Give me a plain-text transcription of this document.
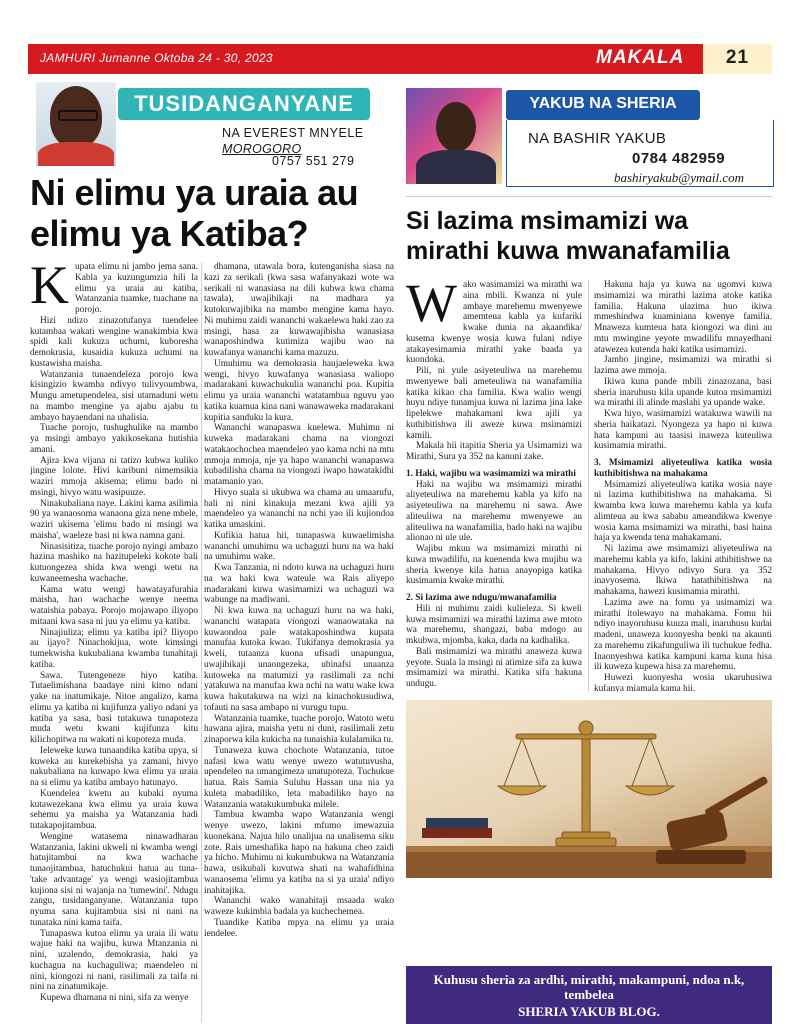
JAMHURI Jumanne Oktoba 24 - 30, 2023	MAKALA	21
TUSIDANGANYANE
NA EVEREST MNYELE
MOROGORO
0757 551 279
Ni elimu ya uraia au elimu ya Katiba?

Kupata elimu ni jambo jema sana. Kabla ya kuzungumzia hili la elimu ya uraia au katiba, Watanzania tuamke, tuachane na porojo.

Hizi ndizo zinazotufanya tuendelee kutambaa wakati wengine wanakimbia kwa spidi kali kukuza uchumi, kuboresha demokrasia, kusaidia kukuza uchumi na kustawisha maisha.

Watanzania tunaendeleza porojo kwa kisingizio kwamba ndivyo tulivyoumbwa, Mungu ametupendelea, sisi utamaduni wetu na mambo mengine ya ajabu ajabu tu ambayo hayaendani na uhalisia.

Tuache porojo, tushughulike na mambo ya msingi ambayo yakikosekana hutishia amani.

Ajira kwa vijana ni tatizo kubwa kuliko jingine lolote. Hivi karibuni nimemsikia waziri mmoja akisema; elimu bado ni msingi, hivyo watu wasipuuze.

Ninakubaliana naye. Lakini kama asilimia 90 ya wanaosoma wanaona giza nene mbele, waziri ukisema 'elimu bado ni msingi wa maisha', waeleze basi ni kwa namna gani.

Ninasisitiza, tuache porojo nyingi ambazo hazina mashiko na hazitupeleki kokote bali kutuongezea shida kwa wengi wetu na kuwaneemesha wachache.

Kama watu wengi hawatayafurahia maisha, hao wachache wenye neema wataishia pabaya. Porojo mojawapo iliyopo mitaani kwa sasa ni juu ya elimu ya katiba.

Ninajiuliza; elimu ya katiba ipi? Iliyopo au ijayo? Ninachokijua, wote kimsingi tumekwisha kukubaliana kwamba tunahitaji katiba.

Sawa. Tutengeneze hiyo katiba. Tutaelimishana baadaye nini kimo ndani yake na inatumikaje. Nitoe angalizo, kama elimu ya katiba ni kujifunza yaliyo ndani ya katiba ya sasa, basi tutakuwa tunapoteza muda wetu kwani kujifunza kitu kilichopitwa na wakati ni kupoteza muda.

Ieleweke kuwa tunaandika katiba upya, si kuweka au kurekebisha ya zamani, hivyo nakubaliana na kuwapo kwa elimu ya uraia na si elimu ya katiba ambayo hatunayo.

Kuendelea kwetu au kubaki nyuma kutawezekana kwa elimu ya uraia kuwa sehemu ya maisha ya Watanzania hadi tutakapojitambua.

Wengine watasema ninawadharau Watanzania, lakini ukweli ni kwamba wengi hatujitambui na kwa wachache tunaojitambua, hatuchukui hatua au tuna-'take advantage' ya wengi wasiojitambua kujiona sisi ni wajanja na 'tumewini'. Ndugu zangu, tusidanganyane. Watanzania tupo nyuma sana kujitambua sisi ni nani na tunataka nini kama taifa.

Tunapaswa kutoa elimu ya uraia ili watu wajue haki na wajibu, kuwa Mtanzania ni nini, uzalendo, demokrasia, haki ya kuchagua na kuchaguliwa; maendeleo ni nini, kiongozi ni nani, rasilimali za taifa ni nini na zinatumikaje.

Kupewa dhamana ni nini, sifa za wenye

dhamana, utawala bora, kutenganisha siasa na kazi za serikali (kwa sasa wafanyakazi wote wa serikali ni wanasiasa na dili kubwa kwa chama tawala), uwajibikaji na madhara ya kutokuwajibika na mambo mengine kama hayo. Ni muhimu zaidi wananchi wakaelewa haki zao za msingi, hasa za kuwawajibisha wanasiasa wanaposhindwa kutimiza wajibu wao na kuwafanya wananchi kama mazuzu.

Umuhimu wa demokrasia haujaeleweka kwa wengi, hivyo kuwafanya wanasiasa waliopo madarakani kuwachukulia wananchi poa. Kupitia elimu ya uraia wananchi watatambua nguvu yao katika kuamua kina nani wanawaweka madarakani kupitia sanduku la kura.

Wananchi wanapaswa kuelewa. Muhimu ni kuweka madarakani chama na viongozi watakaochochea maendeleo yao kama nchi na mtu mmoja mmoja, nje ya hapo wananchi wanapaswa kubadilisha chama na viongozi iwapo hawatakidhi matamanio yao.

Hivyo suala si ukubwa wa chama au umaarufu, bali ni nini kinakuja mezani kwa ajili ya maendeleo ya wananchi na nchi yao ili kujiondoa katika umaskini.

Kufikia hatua hii, tunapaswa kuwaelimisha wananchi umuhimu wa uchaguzi huru na wa haki na umuhimu wake.

Kwa Tanzania, ni ndoto kuwa na uchaguzi huru na wa haki kwa wateule wa Rais aliyepo madarakani kuwa wasimamizi wa uchaguzi wa wabunge na madiwani.

Ni kwa kuwa na uchaguzi huru na wa haki, wananchi watapata viongozi wanaowataka na kuwaondoa pale watakaposhindwa kupata manufaa kutoka kwao. Tukifanya demokrasia ya kweli, tutaanza kuona ufisadi unapungua, uwajibikaji unaongezeka, ubinafsi unaanza kutoweka na matumizi ya rasilimali za nchi yatakuwa na manufaa kwa nchi na watu wake kwa kuwa hakutakuwa na wizi na kinachokusudiwa, tofauti na sasa ambapo ni vurugu tupu.

Watanzania tuamke, tuache porojo. Watoto wetu hawana ajira, maisha yetu ni duni, rasilimali zetu zinaporwa kila kukicha na tunaishia kulalamika tu.

Tunaweza kuwa chochote Watanzania, tutoe nafasi kwa watu wenye uwezo watutuvusha, upendeleo na umangimeza unatupoteza. Tuchukue hatua. Rais Samia Suluhu Hassan una nia ya kuleta mabadiliko, leta mabadiliko hayo na Watanzania watakukumbuka milele.

Tambua kwamba wapo Watanzania wengi wenye uwezo, lakini mfumo imewazuia kuonekana. Najua hilo unalijua na unalisema siku zote. Rais umeshafika hapo na hakuna cheo zaidi ya hicho. Muhimu ni kukumbukwa na Watanzania hawa, usikubali kuvutwa shati na wahafidhina wanaosema 'elimu ya katiba na si ya uraia' ndiyo inahitajika.

Wananchi wako wanahitaji msaada wako waweze kukimbia badala ya kuchechemea.

Tuandike Katiba mpya na elimu ya uraia iendelee.

YAKUB NA SHERIA
NA BASHIR YAKUB
0784 482959
bashiryakub@ymail.com
Si lazima msimamizi wa mirathi kuwa mwanafamilia

Wako wasimamizi wa mirathi wa aina mbili. Kwanza ni yule ambaye marehemu mwenyewe amemteua kabla ya kufariki kwake dunia na akaandika/ kusema kwenye wosia kuwa fulani ndiye atakayesimamia mirathi yake baada ya kuondoka.

Pili, ni yule asiyeteuliwa na marehemu mwenyewe bali ameteuliwa na wanafamilia katika kikao cha familia. Kwa walio wengi huyu ndiye tunamjua kuwa ni lazima jina lake lipelekwe mahakamani kwa ajili ya kuthibitishwa ili aweze kuwa msimamizi kamili.

Makala hii itapitia Sheria ya Usimamizi wa Mirathi, Sura ya 352 na kanuni zake.

1. Haki, wajibu wa wasimamizi wa mirathi

Haki na wajibu wa msimamizi mirathi aliyeteuliwa na marehemu kabla ya kifo na asiyeteuliwa na marehemu ni sawa. Awe aliteuliwa na marehemu mwenyewe au aliteuliwa na wanafamilia, bado haki na wajibu alionao ni ule ule.

Wajibu mkuu wa msimamizi mirathi ni kuwa mwadilifu, na kuenenda kwa mujibu wa sheria kwenye kila hatua anayopiga katika kusimamia kwake mirathi.

2. Si lazima awe ndugu/mwanafamilia

Hili ni muhimu zaidi kulieleza. Si kweli kuwa msimamizi wa mirathi lazima awe mtoto wa marehemu, shangazi, baba mdogo au mkubwa, mjomba, kaka, dada na kadhalika.

Bali msimamizi wa mirathi anaweza kuwa yeyote. Suala la msingi ni atimize sifa za kuwa msimamizi wa mirathi. Katika sifa hakuna undugu.

Hakuna haja ya kuwa na ugomvi kuwa msimamizi wa mirathi lazima atoke katika familia. Hakuna ulazima huo ikiwa mmeshindwa kuaminiana kwenye familia. Mnaweza kumteua hata kiongozi wa dini au mtu mwingine yeyote mwadilifu mnayedhani atawezea kutenda haki katika usimamizi.

Jambo jingine, msimamizi wa mirathi si lazima awe mmoja.

Ikiwa kuna pande mbili zinazozana, basi sheria inaruhusu kila upande kutoa msimamizi wa mirathi ili alinde maslahi ya upande wake.

Kwa hiyo, wasimamizi watakuwa wawili na sheria haikatazi. Nyongeza ya hapo ni kuwa hata kampuni au taasisi inaweza kuteuliwa kusimamia mirathi.

3. Msimamizi aliyeteuliwa katika wosia kuthibitishwa na mahakama

Msimamizi aliyeteuliwa katika wosia naye ni lazima kuthibitishwa na mahakama. Si kwamba kwa kuwa marehemu kabla ya kufa alimteua au kwa sababu ameandikwa kwenye wosia kama msimamizi wa mirathi, basi haina haja ya kwenda tena mahakamani.

Ni lazima awe msimamizi aliyeteuliwa na marehemu kabla ya kifo, lakini athibitishwe na mahakama. Hivyo ndivyo Sura ya 352 inavyosema. Ikiwa hatathibitishwa na mahakama, hawezi kusimamia mirathi.

Lazima awe na fomu ya usimamizi wa mirathi itolewayo na mahakama. Fomu hii ndiyo inayoruhusu kuuza mali, inaruhusu kudai madeni, unaweza kuonyesha benki na akaunti za marehemu zikafunguliwa ili tuchukue fedha. Inaonyeshwa katika kampuni kama kuna hisa ili kuweza kupewa hisa za marehemu.

Huwezi kuonyesha wosia ukaruhusiwa kufanya miamala kama hii.

Kuhusu sheria za ardhi, mirathi, makampuni, ndoa n.k, tembelea
SHERIA YAKUB BLOG.
